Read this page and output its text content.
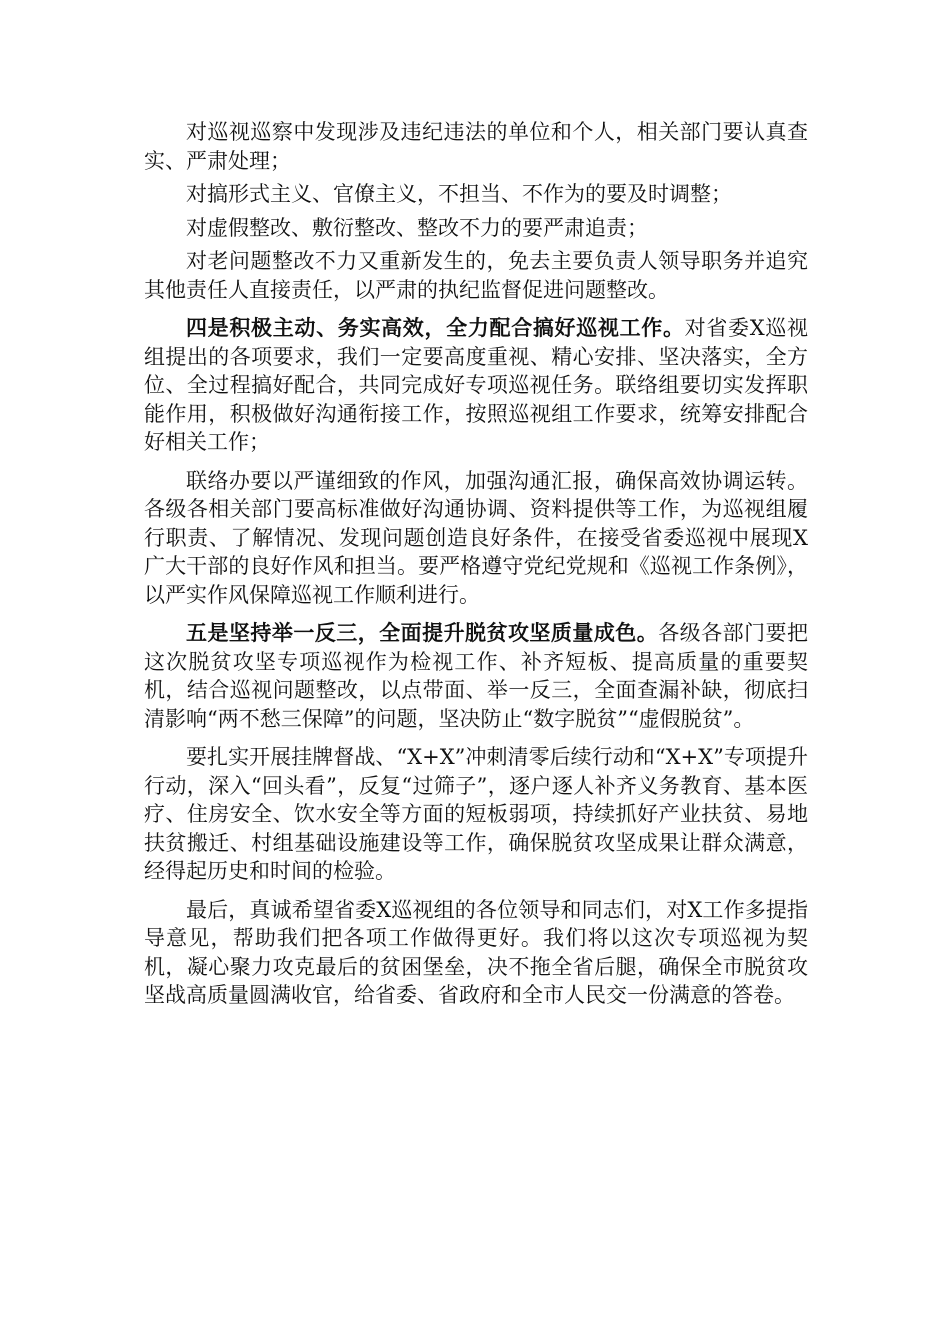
对巡视巡察中发现涉及违纪违法的单位和个人，相关部门要认真查实、严肃处理；

对搞形式主义、官僚主义，不担当、不作为的要及时调整；

对虚假整改、敷衍整改、整改不力的要严肃追责；

对老问题整改不力又重新发生的，免去主要负责人领导职务并追究其他责任人直接责任，以严肃的执纪监督促进问题整改。

四是积极主动、务实高效，全力配合搞好巡视工作。对省委X巡视组提出的各项要求，我们一定要高度重视、精心安排、坚决落实，全方位、全过程搞好配合，共同完成好专项巡视任务。联络组要切实发挥职能作用，积极做好沟通衔接工作，按照巡视组工作要求，统筹安排配合好相关工作；

联络办要以严谨细致的作风，加强沟通汇报，确保高效协调运转。各级各相关部门要高标准做好沟通协调、资料提供等工作，为巡视组履行职责、了解情况、发现问题创造良好条件，在接受省委巡视中展现X广大干部的良好作风和担当。要严格遵守党纪党规和《巡视工作条例》，以严实作风保障巡视工作顺利进行。

五是坚持举一反三，全面提升脱贫攻坚质量成色。各级各部门要把这次脱贫攻坚专项巡视作为检视工作、补齐短板、提高质量的重要契机，结合巡视问题整改，以点带面、举一反三，全面查漏补缺，彻底扫清影响“两不愁三保障”的问题，坚决防止“数字脱贫”“虚假脱贫”。

要扎实开展挂牌督战、“X+X”冲刺清零后续行动和“X+X”专项提升行动，深入“回头看”，反复“过筛子”，逐户逐人补齐义务教育、基本医疗、住房安全、饮水安全等方面的短板弱项，持续抓好产业扶贫、易地扶贫搬迁、村组基础设施建设等工作，确保脱贫攻坚成果让群众满意，经得起历史和时间的检验。

最后，真诚希望省委X巡视组的各位领导和同志们，对X工作多提指导意见，帮助我们把各项工作做得更好。我们将以这次专项巡视为契机，凝心聚力攻克最后的贫困堡垒，决不拖全省后腿，确保全市脱贫攻坚战高质量圆满收官，给省委、省政府和全市人民交一份满意的答卷。
